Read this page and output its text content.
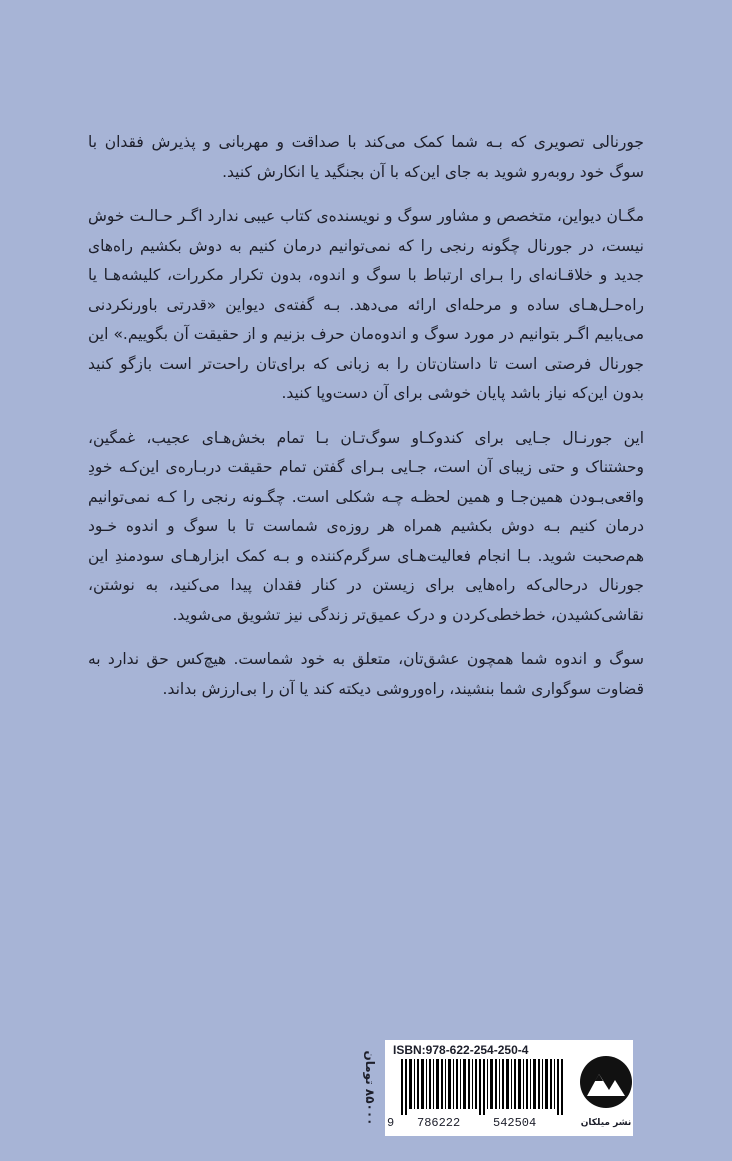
جورنالی تصویری که بـه شما کمک می‌کند با صداقت و مهربانی و پذیرش فقدان با سوگ خود روبه‌رو شوید به جای این‌که با آن بجنگید یا انکارش کنید.

مگـان دیواین، متخصص و مشاور سوگ و نویسنده‌ی کتاب عیبی ندارد اگـر حـالـت خوش نیست، در جورنال چگونه رنجی را که نمی‌توانیم درمان کنیم به دوش بکشیم راه‌های جدید و خلاقـانه‌ای را بـرای ارتباط با سوگ و اندوه، بدون تکرار مکررات، کلیشه‌هـا یا راه‌حـل‌هـای ساده و مرحله‌ای ارائه می‌دهد. بـه گفته‌ی دیواین «قدرتی باورنکردنی می‌یابیم اگـر بتوانیم در مورد سوگ و اندوه‌مان حرف بزنیم و از حقیقت آن بگوییم.» این جورنال فرصتی است تا داستان‌تان را به زبانی که برای‌تان راحت‌تر است بازگو کنید بدون این‌که نیاز باشد پایان خوشی برای آن دست‌وپا کنید.

این جورنـال جـایی برای کندوکـاو سوگ‌تـان بـا تمام بخش‌هـای عجیب، غمگین، وحشتناک و حتی زیبای آن است، جـایی بـرای گفتن تمام حقیقت دربـاره‌ی این‌کـه خودِ واقعی‌بـودن همین‌جـا و همین لحظـه چـه شکلی است. چگـونه رنجی را کـه نمی‌توانیم درمان کنیم بـه دوش بکشیم همراه هر روزه‌ی شماست تا با سوگ و اندوه خـود هم‌صحبت شوید. بـا انجام فعالیت‌هـای سرگرم‌کننده و بـه کمک ابزارهـای سودمندِ این جورنال درحالی‌که راه‌هایی برای زیستن در کنار فقدان پیدا می‌کنید، به نوشتن، نقاشی‌کشیدن، خط‌خطی‌کردن و درک عمیق‌تر زندگی نیز تشویق می‌شوید.

سوگ و اندوه شما همچون عشق‌تان، متعلق به خود شماست. هیچ‌کس حق ندارد به قضاوت سوگواری شما بنشیند، راه‌وروشی دیکته کند یا آن را بی‌ارزش بداند.

۸۵۰۰۰ تومان
ISBN:978-622-254-250-4
9 786222	542504	نشر میلکان
